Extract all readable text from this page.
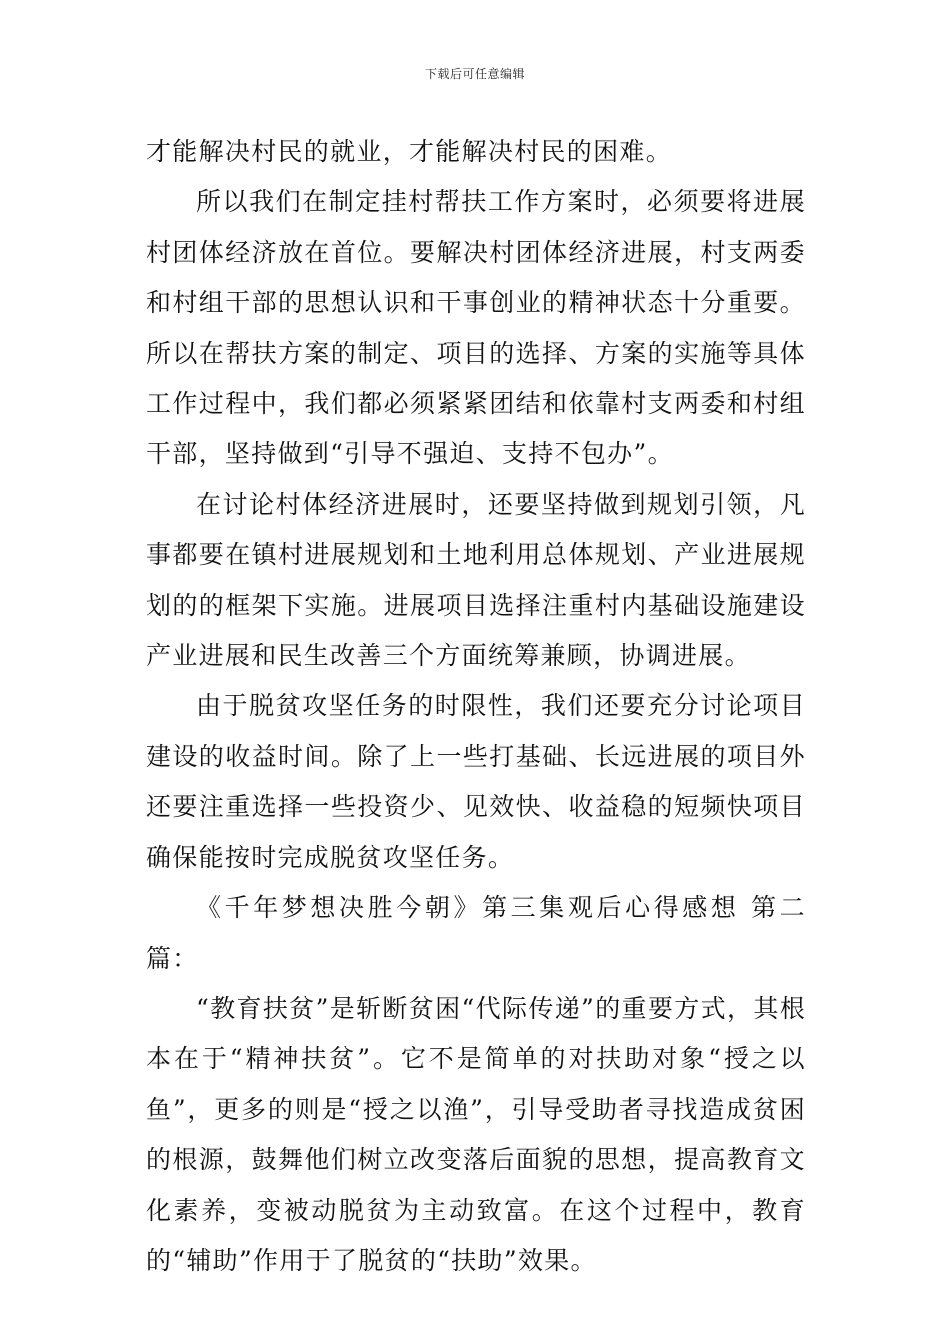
下载后可任意编辑

才能解决村民的就业，才能解决村民的困难。

所以我们在制定挂村帮扶工作方案时，必须要将进展村团体经济放在首位。要解决村团体经济进展，村支两委和村组干部的思想认识和干事创业的精神状态十分重要。所以在帮扶方案的制定、项目的选择、方案的实施等具体工作过程中，我们都必须紧紧团结和依靠村支两委和村组干部，坚持做到“引导不强迫、支持不包办”。

在讨论村体经济进展时，还要坚持做到规划引领，凡事都要在镇村进展规划和土地利用总体规划、产业进展规划的的框架下实施。进展项目选择注重村内基础设施建设产业进展和民生改善三个方面统筹兼顾，协调进展。

由于脱贫攻坚任务的时限性，我们还要充分讨论项目建设的收益时间。除了上一些打基础、长远进展的项目外还要注重选择一些投资少、见效快、收益稳的短频快项目确保能按时完成脱贫攻坚任务。

《千年梦想决胜今朝》第三集观后心得感想 第二篇：

“教育扶贫”是斩断贫困“代际传递”的重要方式，其根本在于“精神扶贫”。它不是简单的对扶助对象“授之以鱼”，更多的则是“授之以渔”，引导受助者寻找造成贫困的根源，鼓舞他们树立改变落后面貌的思想，提高教育文化素养，变被动脱贫为主动致富。在这个过程中，教育的“辅助”作用于了脱贫的“扶助”效果。
